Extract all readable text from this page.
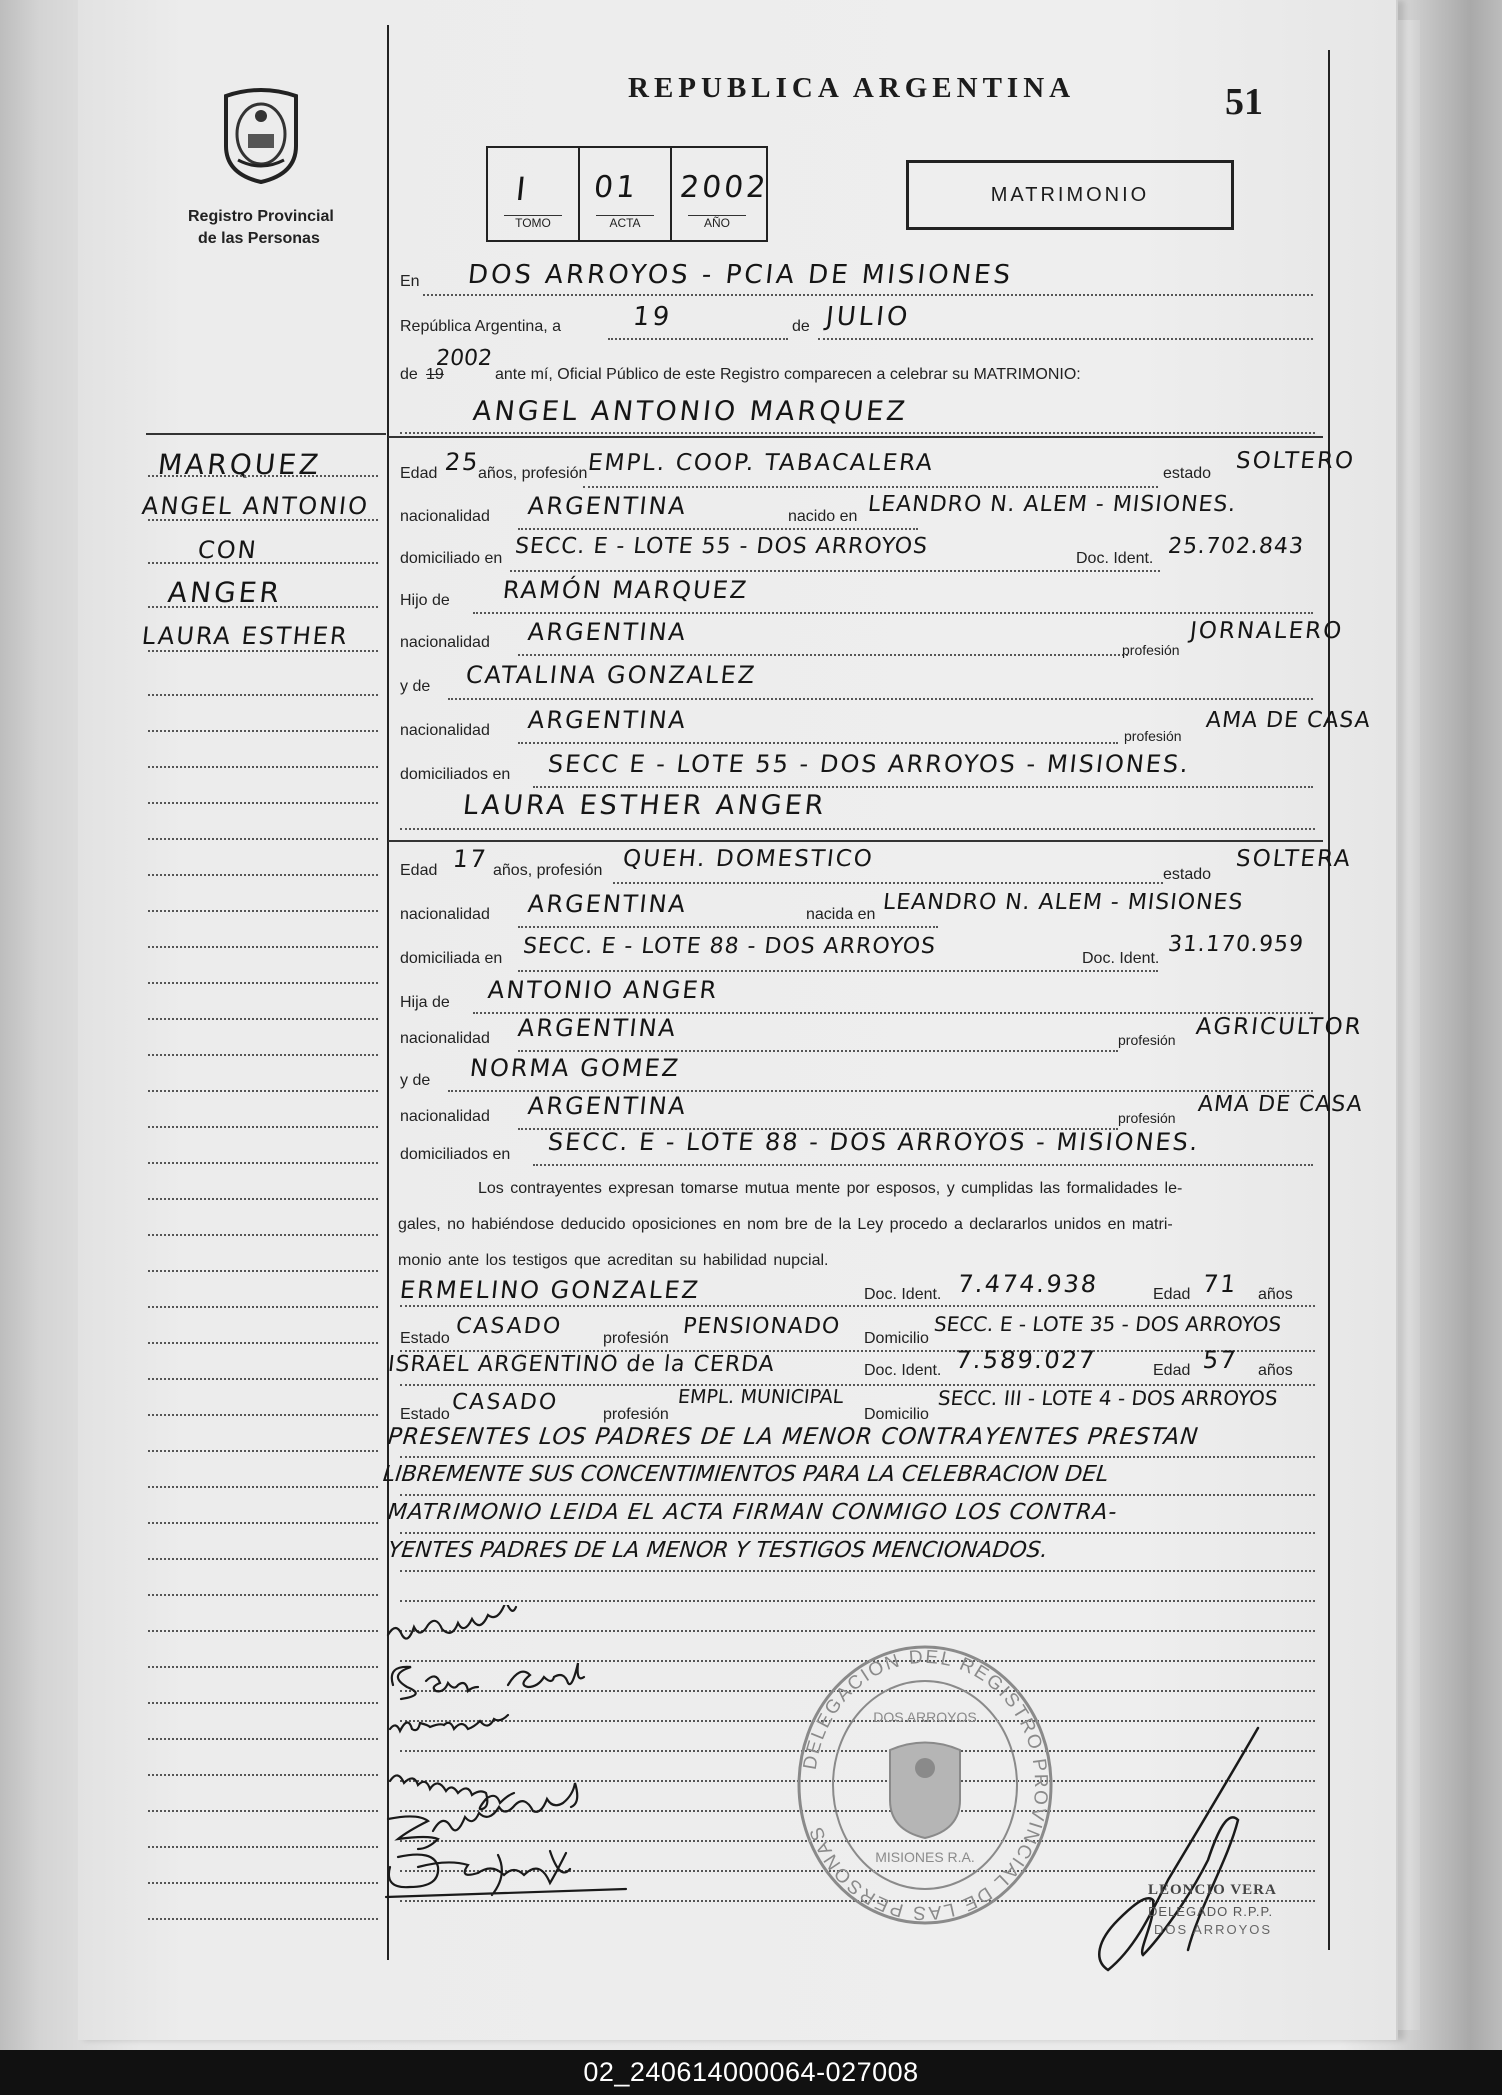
Registro Provincial
de las Personas
REPUBLICA ARGENTINA	51
I
TOMO
01
ACTA
2002
AÑO
MATRIMONIO
MARQUEZ
ANGEL ANTONIO
CON
ANGER
LAURA ESTHER
En DOS ARROYOS - PCIA DE MISIONES
República Argentina, a	19	de JULIO
de 19
2002
ante mí, Oficial Público de este Registro comparecen a celebrar su MATRIMONIO:
ANGEL ANTONIO MARQUEZ
Edad 25
años, profesión EMPL. COOP. TABACALERA	estado SOLTERO
nacionalidad ARGENTINA	nacido en LEANDRO N. ALEM - MISIONES.
domiciliado en SECC. E - LOTE 55 - DOS ARROYOS	Doc. Ident. 25.702.843
Hijo de RAMÓN MARQUEZ
nacionalidad ARGENTINA
profesión
JORNALERO
y de CATALINA GONZALEZ
nacionalidad ARGENTINA
profesión
AMA DE CASA
domiciliados en SECC E - LOTE 55 - DOS ARROYOS - MISIONES.
LAURA ESTHER ANGER
Edad 17 años, profesión QUEH. DOMESTICO
estado
SOLTERA
nacionalidad ARGENTINA	nacida en LEANDRO N. ALEM - MISIONES
domiciliada en SECC. E - LOTE 88 - DOS ARROYOS	Doc. Ident.
31.170.959
Hija de ANTONIO ANGER
nacionalidad ARGENTINA	profesión AGRICULTOR
y de NORMA GOMEZ
nacionalidad ARGENTINA	profesión
AMA DE CASA
domiciliados en SECC. E - LOTE 88 - DOS ARROYOS - MISIONES.
Los contrayentes expresan tomarse mutua mente por esposos, y cumplidas las formalidades le-
gales, no habiéndose deducido oposiciones en nom bre de la Ley procedo a declararlos unidos en matri-
monio ante los testigos que acreditan su habilidad nupcial.
ERMELINO GONZALEZ	Doc. Ident. 7.474.938	Edad 71 años
Estado CASADO profesión PENSIONADO Domicilio
SECC. E - LOTE 35 - DOS ARROYOS
ISRAEL ARGENTINO de la CERDA	Doc. Ident. 7.589.027	Edad 57 años
Estado CASADO	profesión
EMPL. MUNICIPAL
Domicilio
SECC. III - LOTE 4 - DOS ARROYOS
PRESENTES LOS PADRES DE LA MENOR CONTRAYENTES PRESTAN
LIBREMENTE SUS CONCENTIMIENTOS PARA LA CELEBRACION DEL
MATRIMONIO LEIDA EL ACTA FIRMAN CONMIGO LOS CONTRA-
YENTES PADRES DE LA MENOR Y TESTIGOS MENCIONADOS.
DELEGACION DEL REGISTRO PROVINCIAL DE LAS PERSONAS
DOS ARROYOS
MISIONES R.A.
LEONCIO VERA
DELEGADO R.P.P.
DOS ARROYOS
02_240614000064-027008
